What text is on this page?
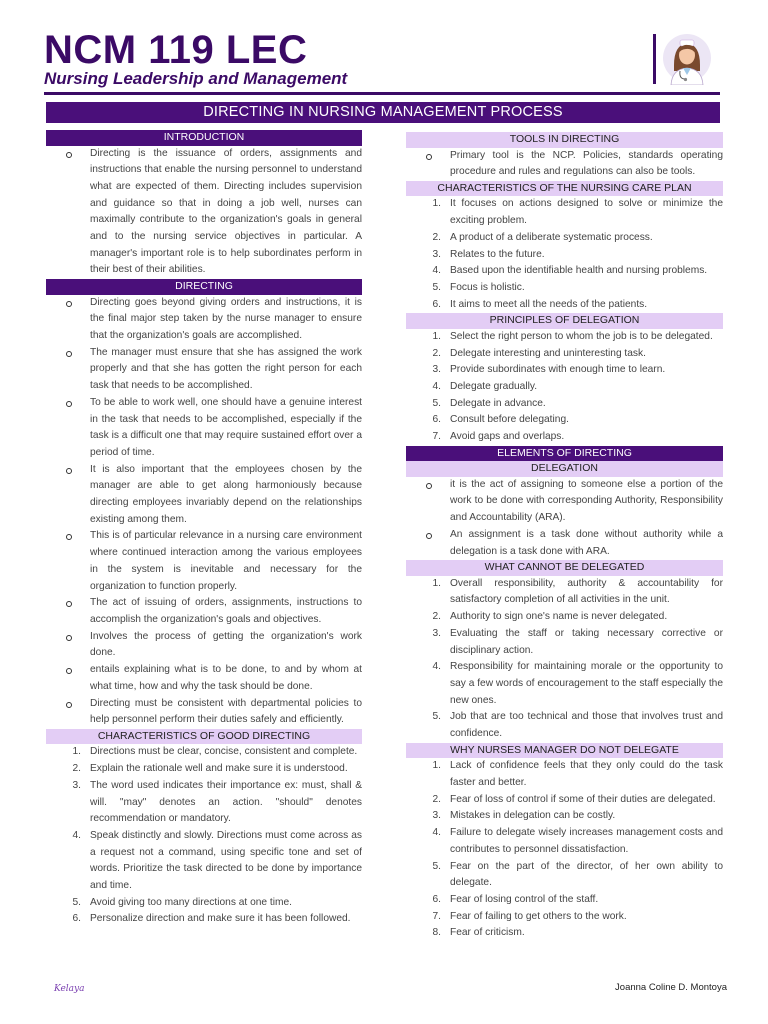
NCM 119 LEC
Nursing Leadership and Management
DIRECTING IN NURSING MANAGEMENT PROCESS
INTRODUCTION
Directing is the issuance of orders, assignments and instructions that enable the nursing personnel to understand what are expected of them. Directing includes supervision and guidance so that in doing a job well, nurses can maximally contribute to the organization's goals in general and to the nursing service objectives in particular. A manager's important role is to help subordinates perform in their best of their abilities.
DIRECTING
Directing goes beyond giving orders and instructions, it is the final major step taken by the nurse manager to ensure that the organization's goals are accomplished.
The manager must ensure that she has assigned the work properly and that she has gotten the right person for each task that needs to be accomplished.
To be able to work well, one should have a genuine interest in the task that needs to be accomplished, especially if the task is a difficult one that may require sustained effort over a period of time.
It is also important that the employees chosen by the manager are able to get along harmoniously because directing employees invariably depend on the relationships existing among them.
This is of particular relevance in a nursing care environment where continued interaction among the various employees in the system is inevitable and necessary for the organization to function properly.
The act of issuing of orders, assignments, instructions to accomplish the organization's goals and objectives.
Involves the process of getting the organization's work done.
entails explaining what is to be done, to and by whom at what time, how and why the task should be done.
Directing must be consistent with departmental policies to help personnel perform their duties safely and efficiently.
CHARACTERISTICS OF GOOD DIRECTING
1. Directions must be clear, concise, consistent and complete.
2. Explain the rationale well and make sure it is understood.
3. The word used indicates their importance ex: must, shall & will. "may" denotes an action. "should" denotes recommendation or mandatory.
4. Speak distinctly and slowly. Directions must come across as a request not a command, using specific tone and set of words. Prioritize the task directed to be done by importance and time.
5. Avoid giving too many directions at one time.
6. Personalize direction and make sure it has been followed.
TOOLS IN DIRECTING
Primary tool is the NCP. Policies, standards operating procedure and rules and regulations can also be tools.
CHARACTERISTICS OF THE NURSING CARE PLAN
1. It focuses on actions designed to solve or minimize the exciting problem.
2. A product of a deliberate systematic process.
3. Relates to the future.
4. Based upon the identifiable health and nursing problems.
5. Focus is holistic.
6. It aims to meet all the needs of the patients.
PRINCIPLES OF DELEGATION
1. Select the right person to whom the job is to be delegated.
2. Delegate interesting and uninteresting task.
3. Provide subordinates with enough time to learn.
4. Delegate gradually.
5. Delegate in advance.
6. Consult before delegating.
7. Avoid gaps and overlaps.
ELEMENTS OF DIRECTING
DELEGATION
it is the act of assigning to someone else a portion of the work to be done with corresponding Authority, Responsibility and Accountability (ARA).
An assignment is a task done without authority while a delegation is a task done with ARA.
WHAT CANNOT BE DELEGATED
1. Overall responsibility, authority & accountability for satisfactory completion of all activities in the unit.
2. Authority to sign one's name is never delegated.
3. Evaluating the staff or taking necessary corrective or disciplinary action.
4. Responsibility for maintaining morale or the opportunity to say a few words of encouragement to the staff especially the new ones.
5. Job that are too technical and those that involves trust and confidence.
WHY NURSES MANAGER DO NOT DELEGATE
1. Lack of confidence feels that they only could do the task faster and better.
2. Fear of loss of control if some of their duties are delegated.
3. Mistakes in delegation can be costly.
4. Failure to delegate wisely increases management costs and contributes to personnel dissatisfaction.
5. Fear on the part of the director, of her own ability to delegate.
6. Fear of losing control of the staff.
7. Fear of failing to get others to the work.
8. Fear of criticism.
Kelaya	Joanna Coline D. Montoya
